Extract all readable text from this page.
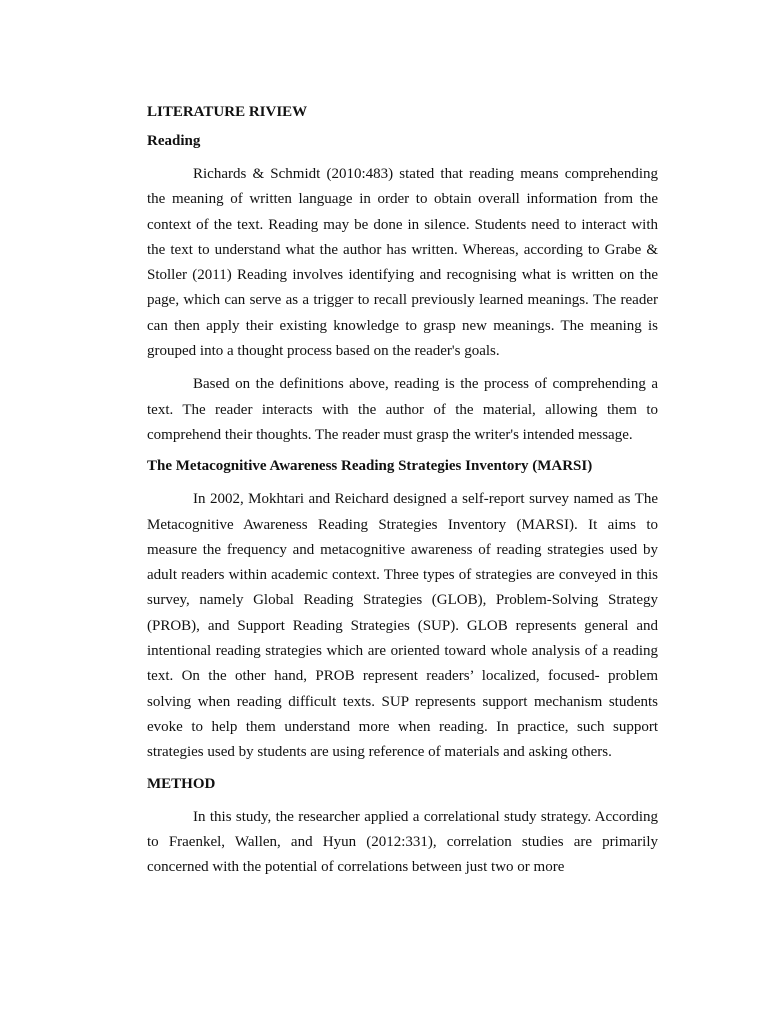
LITERATURE RIVIEW

Reading

Richards & Schmidt (2010:483) stated that reading means comprehending the meaning of written language in order to obtain overall information from the context of the text. Reading may be done in silence. Students need to interact with the text to understand what the author has written. Whereas, according to Grabe & Stoller (2011) Reading involves identifying and recognising what is written on the page, which can serve as a trigger to recall previously learned meanings. The reader can then apply their existing knowledge to grasp new meanings. The meaning is grouped into a thought process based on the reader's goals.

Based on the definitions above, reading is the process of comprehending a text. The reader interacts with the author of the material, allowing them to comprehend their thoughts. The reader must grasp the writer's intended message.

The Metacognitive Awareness Reading Strategies Inventory (MARSI)

In 2002, Mokhtari and Reichard designed a self-report survey named as The Metacognitive Awareness Reading Strategies Inventory (MARSI). It aims to measure the frequency and metacognitive awareness of reading strategies used by adult readers within academic context. Three types of strategies are conveyed in this survey, namely Global Reading Strategies (GLOB), Problem-Solving Strategy (PROB), and Support Reading Strategies (SUP). GLOB represents general and intentional reading strategies which are oriented toward whole analysis of a reading text. On the other hand, PROB represent readers’ localized, focused- problem solving when reading difficult texts. SUP represents support mechanism students evoke to help them understand more when reading. In practice, such support strategies used by students are using reference of materials and asking others.

METHOD

In this study, the researcher applied a correlational study strategy. According to Fraenkel, Wallen, and Hyun (2012:331), correlation studies are primarily concerned with the potential of correlations between just two or more
